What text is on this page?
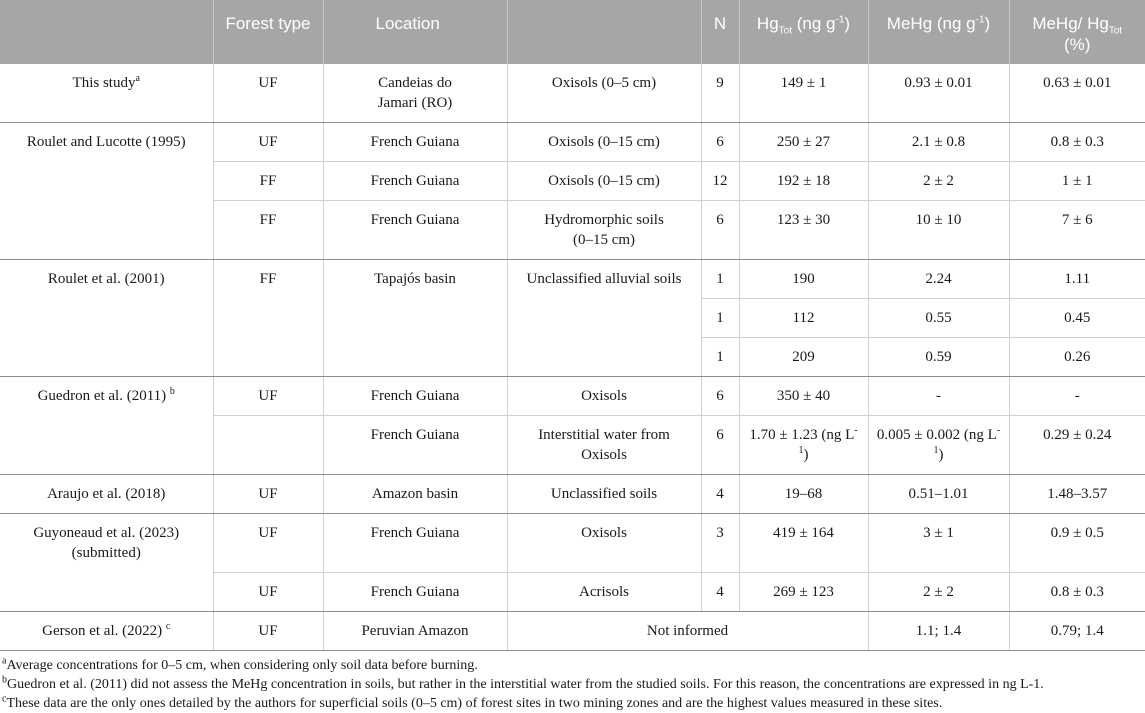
	Forest type	Location		N	$Hg_{Tot}$ (ng $g^{-1}$)	MeHg (ng $g^{-1}$)	MeHg/ $Hg_{Tot}$ (%)
This study$^a$	UF	Candeias do Jamari (RO)	Oxisols (0–5 cm)	9	149 ± 1	0.93 ± 0.01	0.63 ± 0.01
Roulet and Lucotte (1995)	UF	French Guiana	Oxisols (0–15 cm)	6	250 ± 27	2.1 ± 0.8	0.8 ± 0.3
	FF	French Guiana	Oxisols (0–15 cm)	12	192 ± 18	2 ± 2	1 ± 1
	FF	French Guiana	Hydromorphic soils (0–15 cm)	6	123 ± 30	10 ± 10	7 ± 6
Roulet et al. (2001)	FF	Tapajós basin	Unclassified alluvial soils	1	190	2.24	1.11
				1	112	0.55	0.45
				1	209	0.59	0.26
Guedron et al. (2011) $^b$	UF	French Guiana	Oxisols	6	350 ± 40	-	-
		French Guiana	Interstitial water from Oxisols	6	1.70 ± 1.23 (ng $L^{-1}$)	0.005 ± 0.002 (ng $L^{-1}$)	0.29 ± 0.24
Araujo et al. (2018)	UF	Amazon basin	Unclassified soils	4	19–68	0.51–1.01	1.48–3.57
Guyoneaud et al. (2023) (submitted)	UF	French Guiana	Oxisols	3	419 ± 164	3 ± 1	0.9 ± 0.5
	UF	French Guiana	Acrisols	4	269 ± 123	2 ± 2	0.8 ± 0.3
Gerson et al. (2022) $^c$	UF	Peruvian Amazon	Not informed			1.1; 1.4	0.79; 1.4

$^a$Average concentrations for 0–5 cm, when considering only soil data before burning.

$^b$Guedron et al. (2011) did not assess the MeHg concentration in soils, but rather in the interstitial water from the studied soils. For this reason, the concentrations are expressed in ng L-1.

$^c$These data are the only ones detailed by the authors for superficial soils (0–5 cm) of forest sites in two mining zones and are the highest values measured in these sites.
